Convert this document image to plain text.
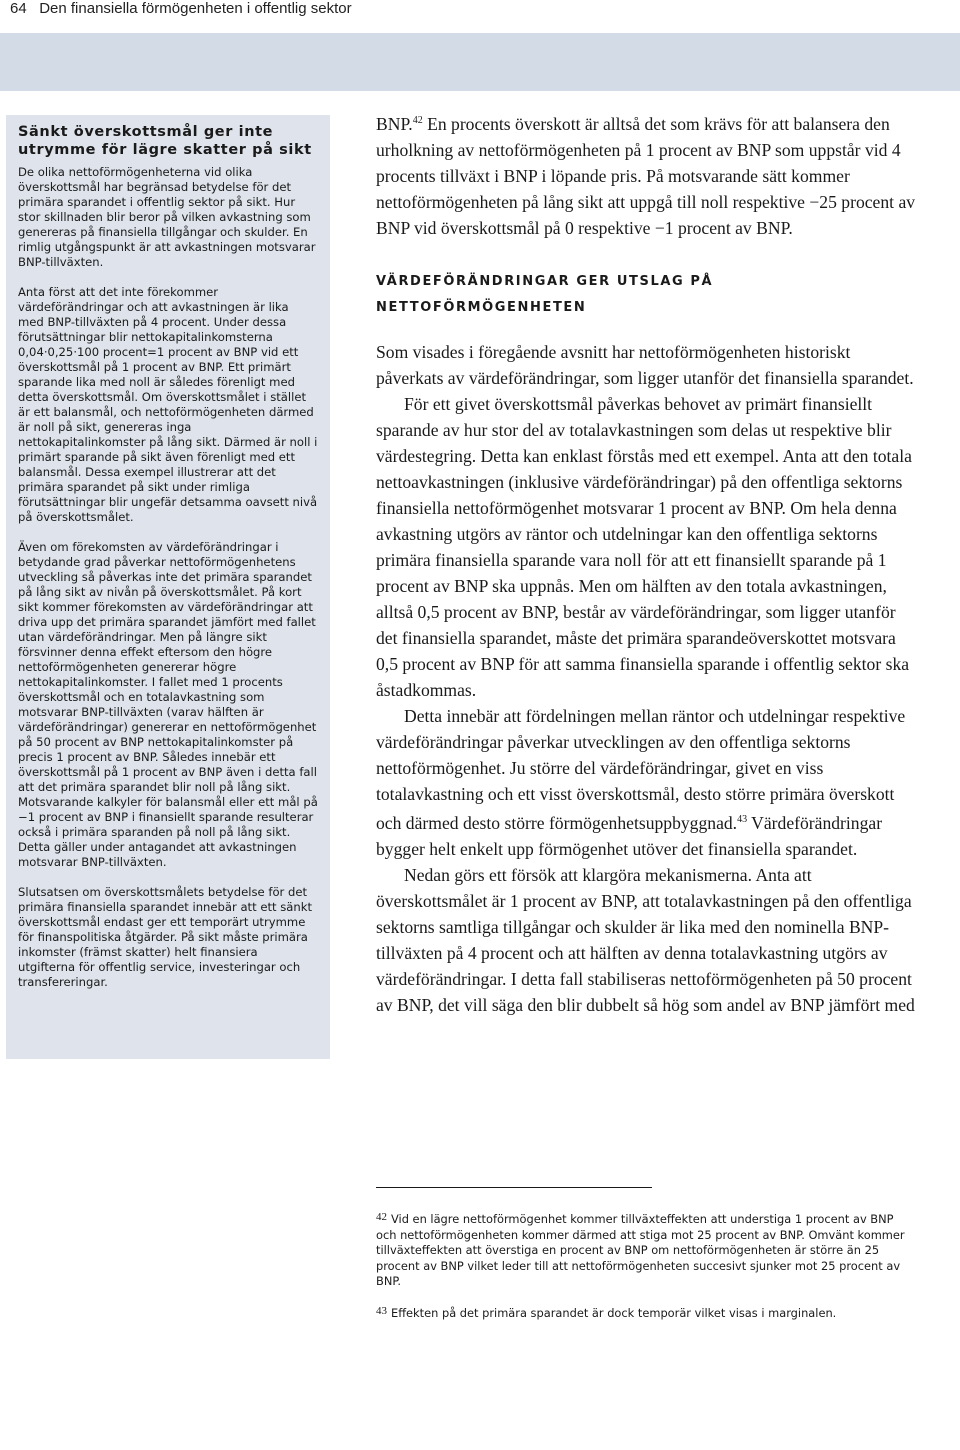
64 Den finansiella förmögenheten i offentlig sektor
Sänkt överskottsmål ger inte utrymme för lägre skatter på sikt

De olika nettoförmögenheterna vid olika överskottsmål har begränsad betydelse för det primära sparandet i offentlig sektor på sikt. Hur stor skillnaden blir beror på vilken avkastning som genereras på finansiella tillgångar och skulder. En rimlig utgångspunkt är att avkastningen motsvarar BNP-tillväxten.

Anta först att det inte förekommer värdeförändringar och att avkastningen är lika med BNP-tillväxten på 4 procent. Under dessa förutsättningar blir nettokapitalinkomsterna 0,04·0,25·100 procent=1 procent av BNP vid ett överskottsmål på 1 procent av BNP. Ett primärt sparande lika med noll är således förenligt med detta överskottsmål. Om överskottsmålet i stället är ett balansmål, och nettoförmögenheten därmed är noll på sikt, genereras inga nettokapitalinkomster på lång sikt. Därmed är noll i primärt sparande på sikt även förenligt med ett balansmål. Dessa exempel illustrerar att det primära sparandet på sikt under rimliga förutsättningar blir ungefär detsamma oavsett nivå på överskottsmålet.

Även om förekomsten av värdeförändringar i betydande grad påverkar nettoförmögenhetens utveckling så påverkas inte det primära sparandet på lång sikt av nivån på överskottsmålet. På kort sikt kommer förekomsten av värdeförändringar att driva upp det primära sparandet jämfört med fallet utan värdeförändringar. Men på längre sikt försvinner denna effekt eftersom den högre nettoförmögenheten genererar högre nettokapitalinkomster. I fallet med 1 procents överskottsmål och en totalavkastning som motsvarar BNP-tillväxten (varav hälften är värdeförändringar) genererar en nettoförmögenhet på 50 procent av BNP nettokapitalinkomster på precis 1 procent av BNP. Således innebär ett överskottsmål på 1 procent av BNP även i detta fall att det primära sparandet blir noll på lång sikt. Motsvarande kalkyler för balansmål eller ett mål på −1 procent av BNP i finansiellt sparande resulterar också i primära sparanden på noll på lång sikt. Detta gäller under antagandet att avkastningen motsvarar BNP-tillväxten.

Slutsatsen om överskottsmålets betydelse för det primära finansiella sparandet innebär att ett sänkt överskottsmål endast ger ett temporärt utrymme för finanspolitiska åtgärder. På sikt måste primära inkomster (främst skatter) helt finansiera utgifterna för offentlig service, investeringar och transfereringar.

BNP.$^{42}$ En procents överskott är alltså det som krävs för att balansera den urholkning av nettoförmögenheten på 1 procent av BNP som uppstår vid 4 procents tillväxt i BNP i löpande pris. På motsvarande sätt kommer nettoförmögenheten på lång sikt att uppgå till noll respektive −25 procent av BNP vid överskottsmål på 0 respektive −1 procent av BNP.

VÄRDEFÖRÄNDRINGAR GER UTSLAG PÅ NETTOFÖRMÖGENHETEN

Som visades i föregående avsnitt har nettoförmögenheten historiskt påverkats av värdeförändringar, som ligger utanför det finansiella sparandet.

För ett givet överskottsmål påverkas behovet av primärt finansiellt sparande av hur stor del av totalavkastningen som delas ut respektive blir värdestegring. Detta kan enklast förstås med ett exempel. Anta att den totala nettoavkastningen (inklusive värdeförändringar) på den offentliga sektorns finansiella nettoförmögenhet motsvarar 1 procent av BNP. Om hela denna avkastning utgörs av räntor och utdelningar kan den offentliga sektorns primära finansiella sparande vara noll för att ett finansiellt sparande på 1 procent av BNP ska uppnås. Men om hälften av den totala avkastningen, alltså 0,5 procent av BNP, består av värdeförändringar, som ligger utanför det finansiella sparandet, måste det primära sparandeöverskottet motsvara 0,5 procent av BNP för att samma finansiella sparande i offentlig sektor ska åstadkommas.

Detta innebär att fördelningen mellan räntor och utdelningar respektive värdeförändringar påverkar utvecklingen av den offentliga sektorns nettoförmögenhet. Ju större del värdeförändringar, givet en viss totalavkastning och ett visst överskottsmål, desto större primära överskott och därmed desto större förmögenhetsuppbyggnad.$^{43}$ Värdeförändringar bygger helt enkelt upp förmögenhet utöver det finansiella sparandet.

Nedan görs ett försök att klargöra mekanismerna. Anta att överskottsmålet är 1 procent av BNP, att totalavkastningen på den offentliga sektorns samtliga tillgångar och skulder är lika med den nominella BNP-tillväxten på 4 procent och att hälften av denna totalavkastning utgörs av värdeförändringar. I detta fall stabiliseras nettoförmögenheten på 50 procent av BNP, det vill säga den blir dubbelt så hög som andel av BNP jämfört med

42 Vid en lägre nettoförmögenhet kommer tillväxteffekten att understiga 1 procent av BNP och nettoförmögenheten kommer därmed att stiga mot 25 procent av BNP. Omvänt kommer tillväxteffekten att överstiga en procent av BNP om nettoförmögenheten är större än 25 procent av BNP vilket leder till att nettoförmögenheten succesivt sjunker mot 25 procent av BNP.

43 Effekten på det primära sparandet är dock temporär vilket visas i marginalen.
